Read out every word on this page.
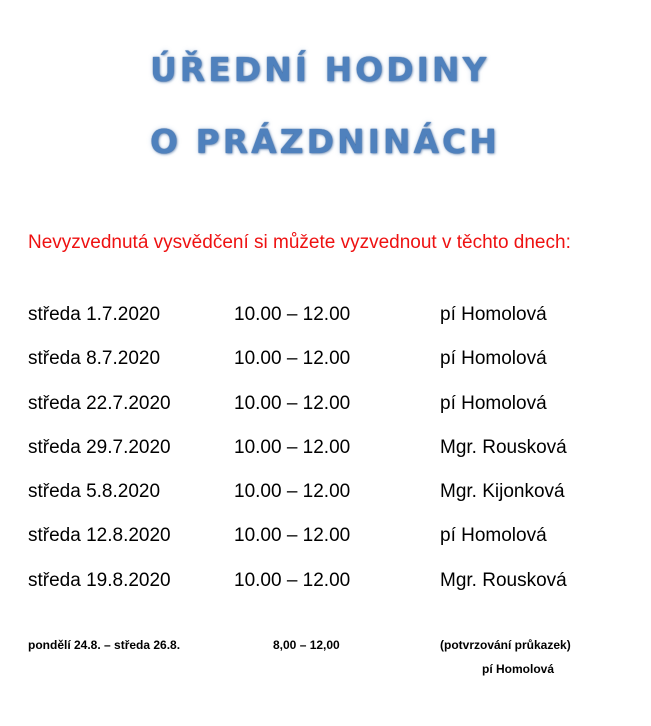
ÚŘEDNÍ HODINY
O PRÁZDNINÁCH
Nevyzvednutá vysvědčení si můžete vyzvednout v těchto dnech:
středa 1.7.2020	10.00 – 12.00	pí Homolová
středa 8.7.2020	10.00 – 12.00	pí Homolová
středa 22.7.2020	10.00 – 12.00	pí Homolová
středa 29.7.2020	10.00 – 12.00	Mgr. Rousková
středa 5.8.2020	10.00 – 12.00	Mgr. Kijonková
středa 12.8.2020	10.00 – 12.00	pí Homolová
středa 19.8.2020	10.00 – 12.00	Mgr. Rousková
pondělí 24.8. – středa 26.8.	8,00 – 12,00	(potvrzování průkazek)
pí Homolová
